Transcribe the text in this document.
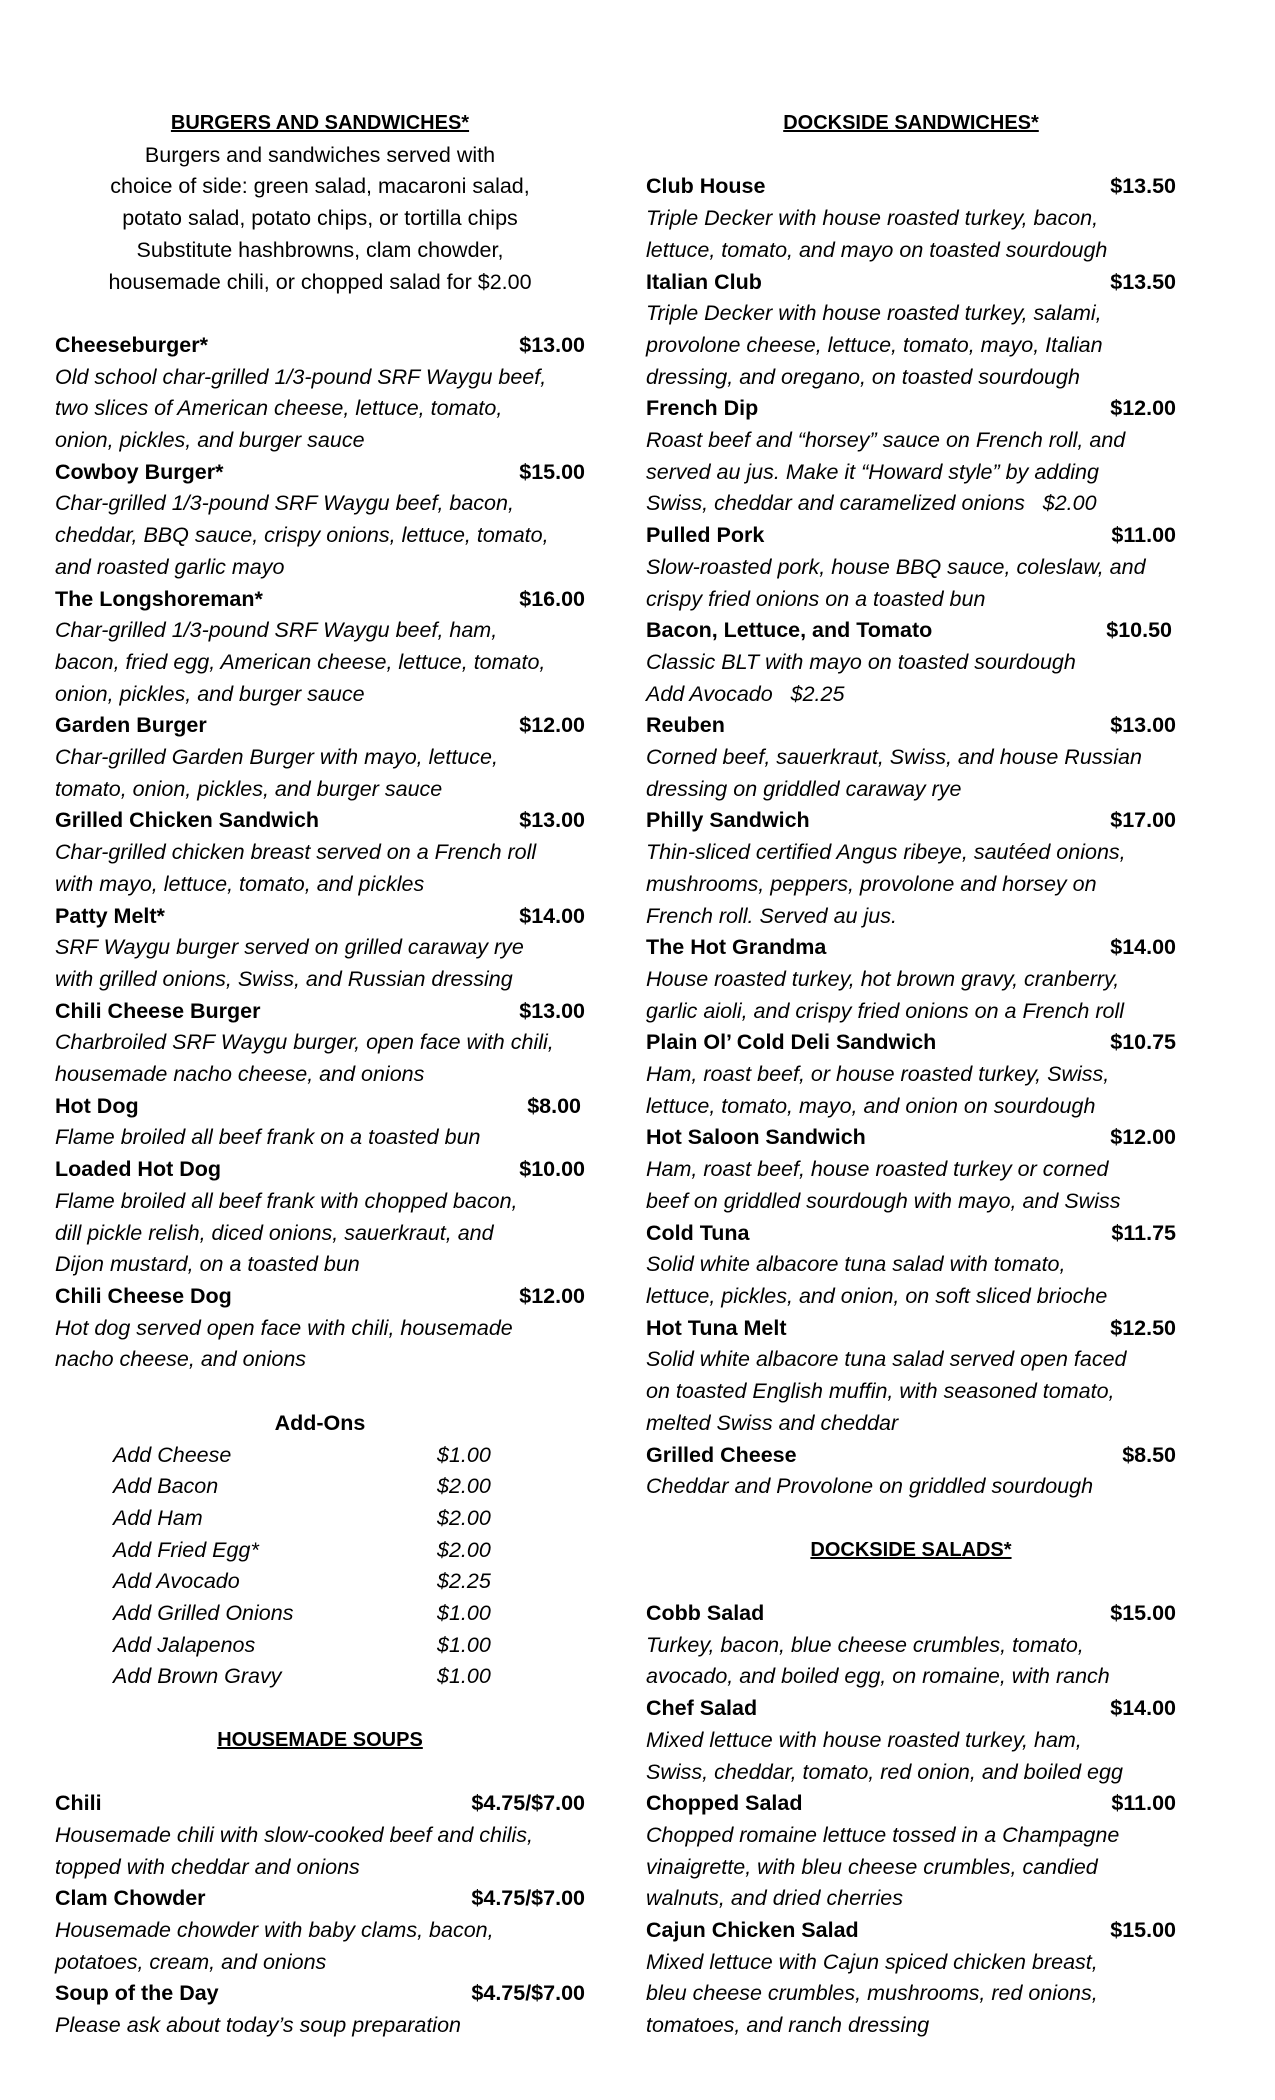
BURGERS AND SANDWICHES*
Burgers and sandwiches served with
choice of side: green salad, macaroni salad,
potato salad, potato chips, or tortilla chips
Substitute hashbrowns, clam chowder,
housemade chili, or chopped salad for $2.00
Cheeseburger*	$13.00
Old school char-grilled 1/3-pound SRF Waygu beef,
two slices of American cheese, lettuce, tomato,
onion, pickles, and burger sauce
Cowboy Burger*	$15.00
Char-grilled 1/3-pound SRF Waygu beef, bacon,
cheddar, BBQ sauce, crispy onions, lettuce, tomato,
and roasted garlic mayo
The Longshoreman*	$16.00
Char-grilled 1/3-pound SRF Waygu beef, ham,
bacon, fried egg, American cheese, lettuce, tomato,
onion, pickles, and burger sauce
Garden Burger	$12.00
Char-grilled Garden Burger with mayo, lettuce,
tomato, onion, pickles, and burger sauce
Grilled Chicken Sandwich	$13.00
Char-grilled chicken breast served on a French roll
with mayo, lettuce, tomato, and pickles
Patty Melt*	$14.00
SRF Waygu burger served on grilled caraway rye
with grilled onions, Swiss, and Russian dressing
Chili Cheese Burger	$13.00
Charbroiled SRF Waygu burger, open face with chili,
housemade nacho cheese, and onions
Hot Dog	$8.00
Flame broiled all beef frank on a toasted bun
Loaded Hot Dog	$10.00
Flame broiled all beef frank with chopped bacon,
dill pickle relish, diced onions, sauerkraut, and
Dijon mustard, on a toasted bun
Chili Cheese Dog	$12.00
Hot dog served open face with chili, housemade
nacho cheese, and onions
Add-Ons
Add Cheese	$1.00
Add Bacon	$2.00
Add Ham	$2.00
Add Fried Egg*	$2.00
Add Avocado	$2.25
Add Grilled Onions	$1.00
Add Jalapenos	$1.00
Add Brown Gravy	$1.00
HOUSEMADE SOUPS
Chili	$4.75/$7.00
Housemade chili with slow-cooked beef and chilis,
topped with cheddar and onions
Clam Chowder	$4.75/$7.00
Housemade chowder with baby clams, bacon,
potatoes, cream, and onions
Soup of the Day	$4.75/$7.00
Please ask about today’s soup preparation
DOCKSIDE SANDWICHES*
Club House	$13.50
Triple Decker with house roasted turkey, bacon,
lettuce, tomato, and mayo on toasted sourdough
Italian Club	$13.50
Triple Decker with house roasted turkey, salami,
provolone cheese, lettuce, tomato, mayo, Italian
dressing, and oregano, on toasted sourdough
French Dip	$12.00
Roast beef and “horsey” sauce on French roll, and
served au jus. Make it “Howard style” by adding
Swiss, cheddar and caramelized onions   $2.00
Pulled Pork	$11.00
Slow-roasted pork, house BBQ sauce, coleslaw, and
crispy fried onions on a toasted bun
Bacon, Lettuce, and Tomato	$10.50
Classic BLT with mayo on toasted sourdough
Add Avocado   $2.25
Reuben	$13.00
Corned beef, sauerkraut, Swiss, and house Russian
dressing on griddled caraway rye
Philly Sandwich	$17.00
Thin-sliced certified Angus ribeye, sautéed onions,
mushrooms, peppers, provolone and horsey on
French roll. Served au jus.
The Hot Grandma	$14.00
House roasted turkey, hot brown gravy, cranberry,
garlic aioli, and crispy fried onions on a French roll
Plain Ol’ Cold Deli Sandwich	$10.75
Ham, roast beef, or house roasted turkey, Swiss,
lettuce, tomato, mayo, and onion on sourdough
Hot Saloon Sandwich	$12.00
Ham, roast beef, house roasted turkey or corned
beef on griddled sourdough with mayo, and Swiss
Cold Tuna	$11.75
Solid white albacore tuna salad with tomato,
lettuce, pickles, and onion, on soft sliced brioche
Hot Tuna Melt	$12.50
Solid white albacore tuna salad served open faced
on toasted English muffin, with seasoned tomato,
melted Swiss and cheddar
Grilled Cheese	$8.50
Cheddar and Provolone on griddled sourdough
DOCKSIDE SALADS*
Cobb Salad	$15.00
Turkey, bacon, blue cheese crumbles, tomato,
avocado, and boiled egg, on romaine, with ranch
Chef Salad	$14.00
Mixed lettuce with house roasted turkey, ham,
Swiss, cheddar, tomato, red onion, and boiled egg
Chopped Salad	$11.00
Chopped romaine lettuce tossed in a Champagne
vinaigrette, with bleu cheese crumbles, candied
walnuts, and dried cherries
Cajun Chicken Salad	$15.00
Mixed lettuce with Cajun spiced chicken breast,
bleu cheese crumbles, mushrooms, red onions,
tomatoes, and ranch dressing
